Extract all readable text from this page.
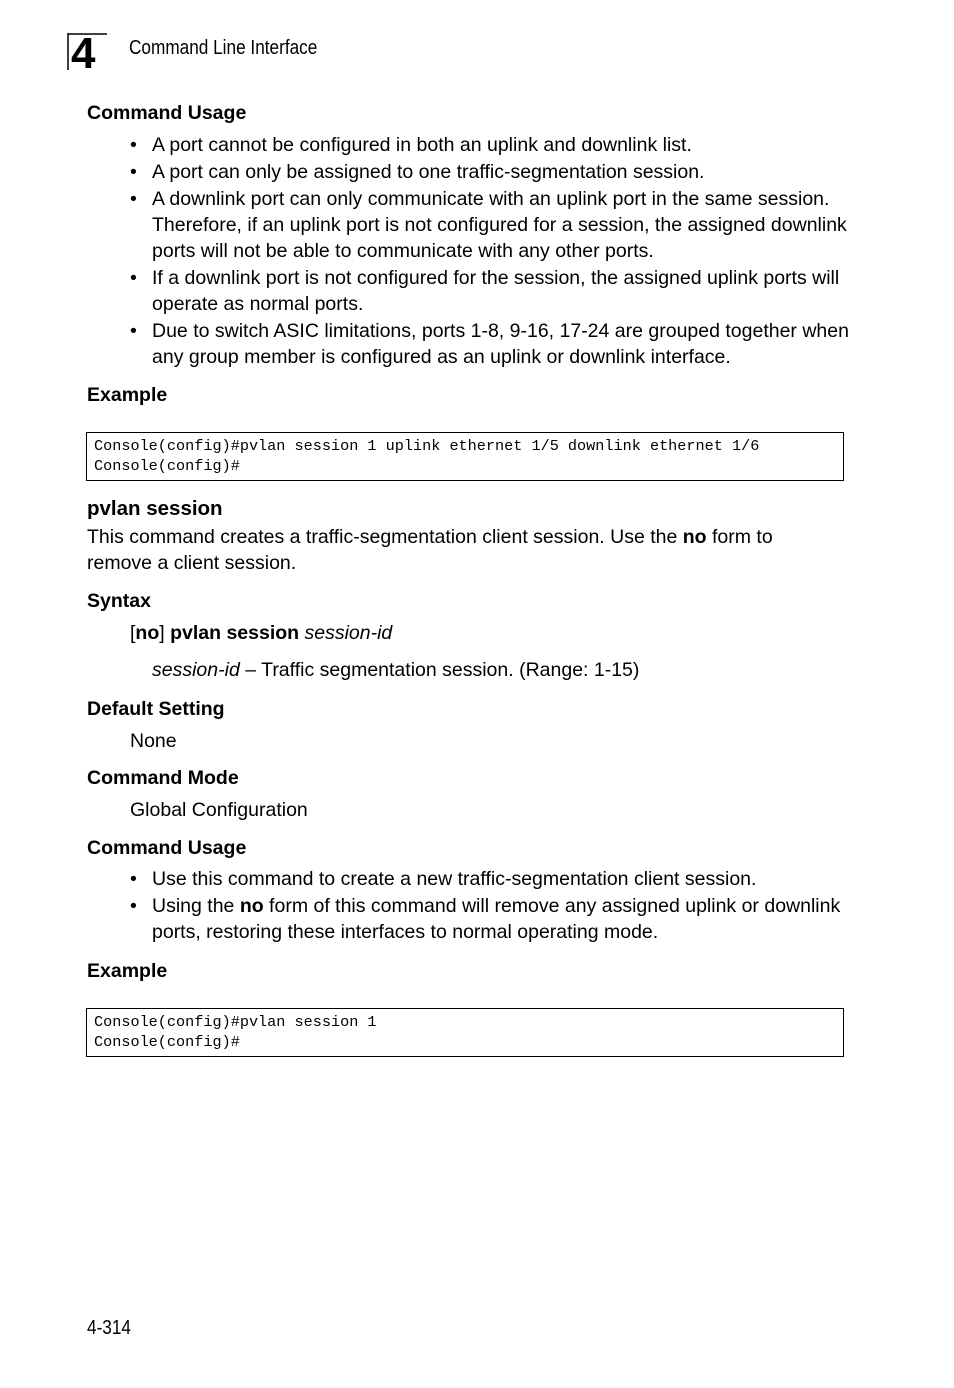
4 Command Line Interface
Command Usage
• A port cannot be configured in both an uplink and downlink list.
• A port can only be assigned to one traffic-segmentation session.
• A downlink port can only communicate with an uplink port in the same session. Therefore, if an uplink port is not configured for a session, the assigned downlink ports will not be able to communicate with any other ports.
• If a downlink port is not configured for the session, the assigned uplink ports will operate as normal ports.
• Due to switch ASIC limitations, ports 1-8, 9-16, 17-24 are grouped together when any group member is configured as an uplink or downlink interface.
Example
Console(config)#pvlan session 1 uplink ethernet 1/5 downlink ethernet 1/6
Console(config)#
pvlan session
This command creates a traffic-segmentation client session. Use the no form to remove a client session.
Syntax
[no] pvlan session session-id
session-id – Traffic segmentation session. (Range: 1-15)
Default Setting
None
Command Mode
Global Configuration
Command Usage
• Use this command to create a new traffic-segmentation client session.
• Using the no form of this command will remove any assigned uplink or downlink ports, restoring these interfaces to normal operating mode.
Example
Console(config)#pvlan session 1
Console(config)#
4-314
